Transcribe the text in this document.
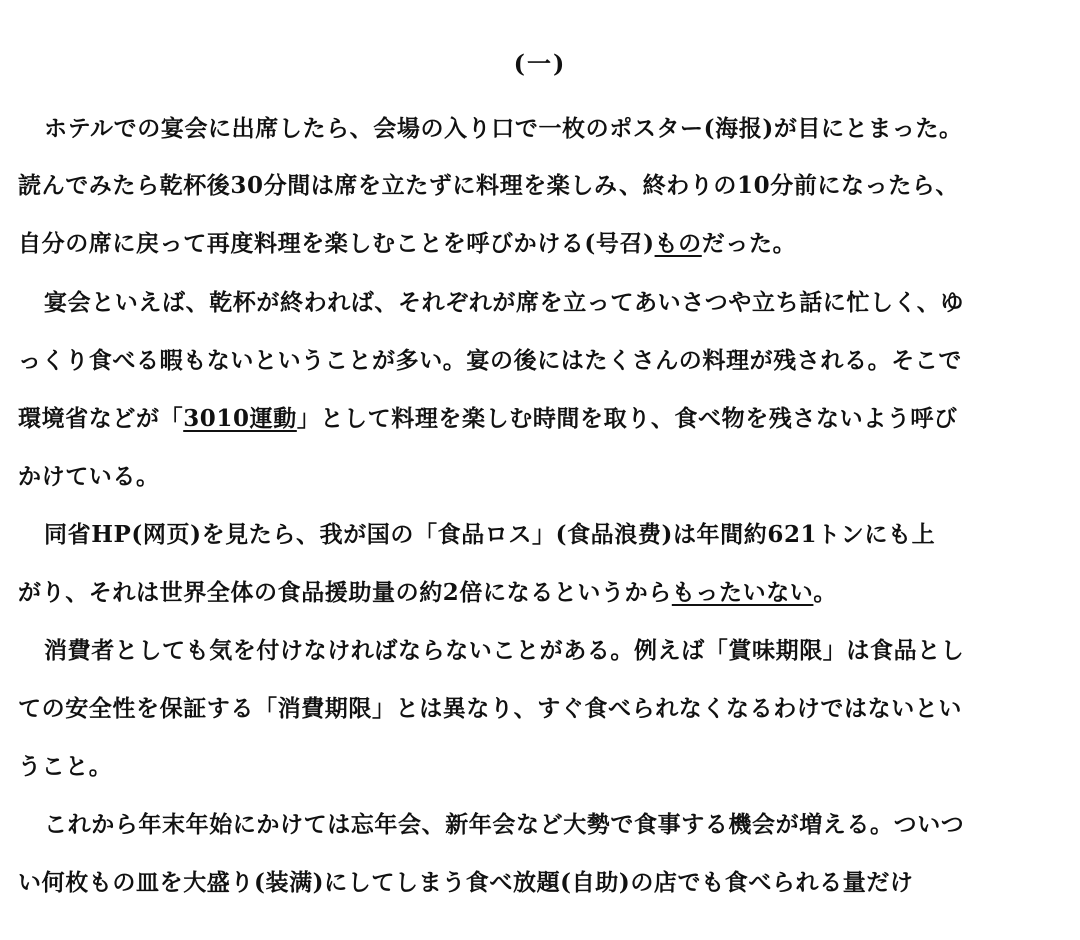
(一)
ホテルでの宴会に出席したら、会場の入り口で一枚のポスター(海报)が目にとまった。
読んでみたら乾杯後30分間は席を立たずに料理を楽しみ、終わりの10分前になったら、
自分の席に戻って再度料理を楽しむことを呼びかける(号召)ものだった。
宴会といえば、乾杯が終われば、それぞれが席を立ってあいさつや立ち話に忙しく、ゆ
っくり食べる暇もないということが多い。宴の後にはたくさんの料理が残される。そこで
環境省などが「3010運動」として料理を楽しむ時間を取り、食べ物を残さないよう呼び
かけている。
同省HP(网页)を見たら、我が国の「食品ロス」(食品浪费)は年間約621トンにも上
がり、それは世界全体の食品援助量の約2倍になるというからもったいない。
消費者としても気を付けなければならないことがある。例えば「賞味期限」は食品とし
ての安全性を保証する「消費期限」とは異なり、すぐ食べられなくなるわけではないとい
うこと。
これから年末年始にかけては忘年会、新年会など大勢で食事する機会が増える。ついつ
い何枚もの皿を大盛り(装满)にしてしまう食べ放題(自助)の店でも食べられる量だけ
